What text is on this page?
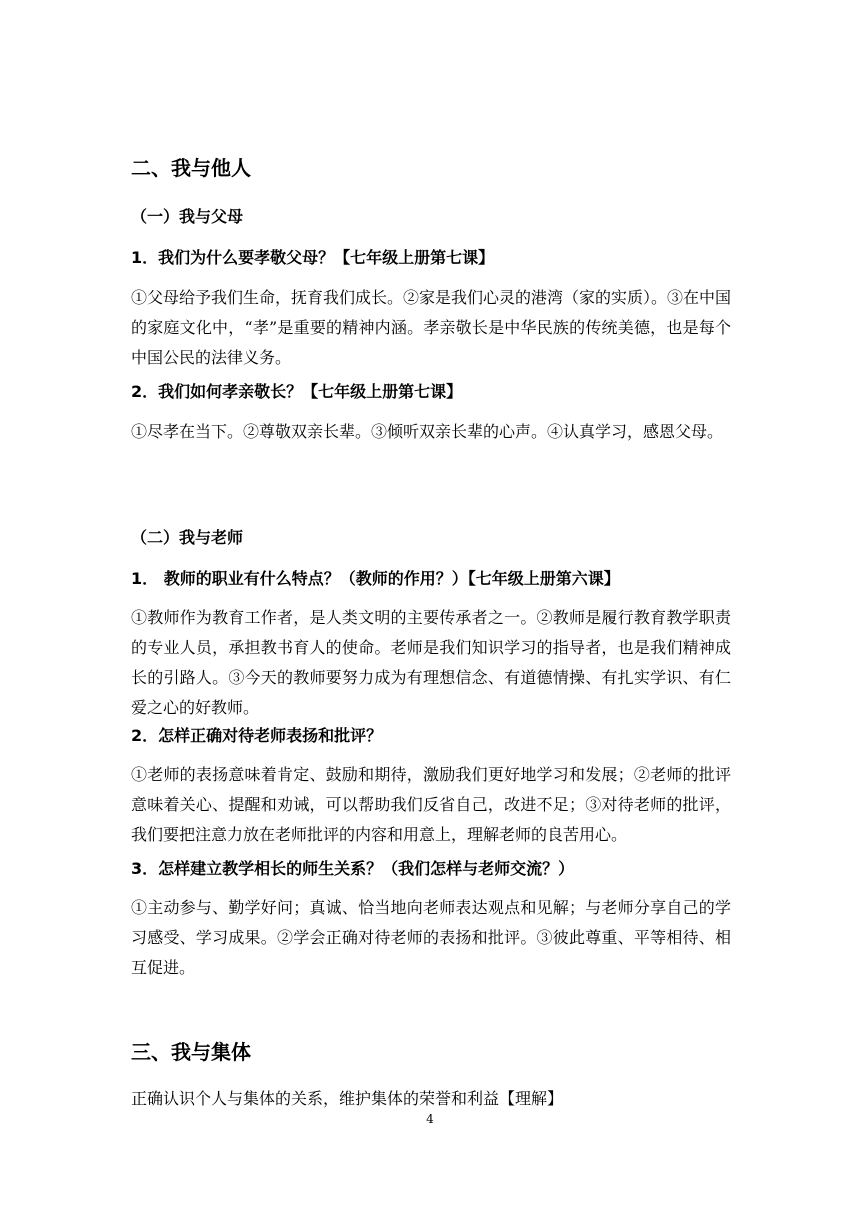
二、我与他人
（一）我与父母
1．我们为什么要孝敬父母？【七年级上册第七课】
①父母给予我们生命，抚育我们成长。②家是我们心灵的港湾（家的实质）。③在中国的家庭文化中，“孝”是重要的精神内涵。孝亲敬长是中华民族的传统美德，也是每个中国公民的法律义务。
2．我们如何孝亲敬长？【七年级上册第七课】
①尽孝在当下。②尊敬双亲长辈。③倾听双亲长辈的心声。④认真学习，感恩父母。
（二）我与老师
1． 教师的职业有什么特点？（教师的作用？）【七年级上册第六课】
①教师作为教育工作者，是人类文明的主要传承者之一。②教师是履行教育教学职责的专业人员，承担教书育人的使命。老师是我们知识学习的指导者，也是我们精神成长的引路人。③今天的教师要努力成为有理想信念、有道德情操、有扎实学识、有仁爱之心的好教师。
2．怎样正确对待老师表扬和批评？
①老师的表扬意味着肯定、鼓励和期待，激励我们更好地学习和发展；②老师的批评意味着关心、提醒和劝诫，可以帮助我们反省自己，改进不足；③对待老师的批评，我们要把注意力放在老师批评的内容和用意上，理解老师的良苦用心。
3．怎样建立教学相长的师生关系？（我们怎样与老师交流？）
①主动参与、勤学好问；真诚、恰当地向老师表达观点和见解；与老师分享自己的学习感受、学习成果。②学会正确对待老师的表扬和批评。③彼此尊重、平等相待、相互促进。
三、我与集体
正确认识个人与集体的关系，维护集体的荣誉和利益【理解】
4
